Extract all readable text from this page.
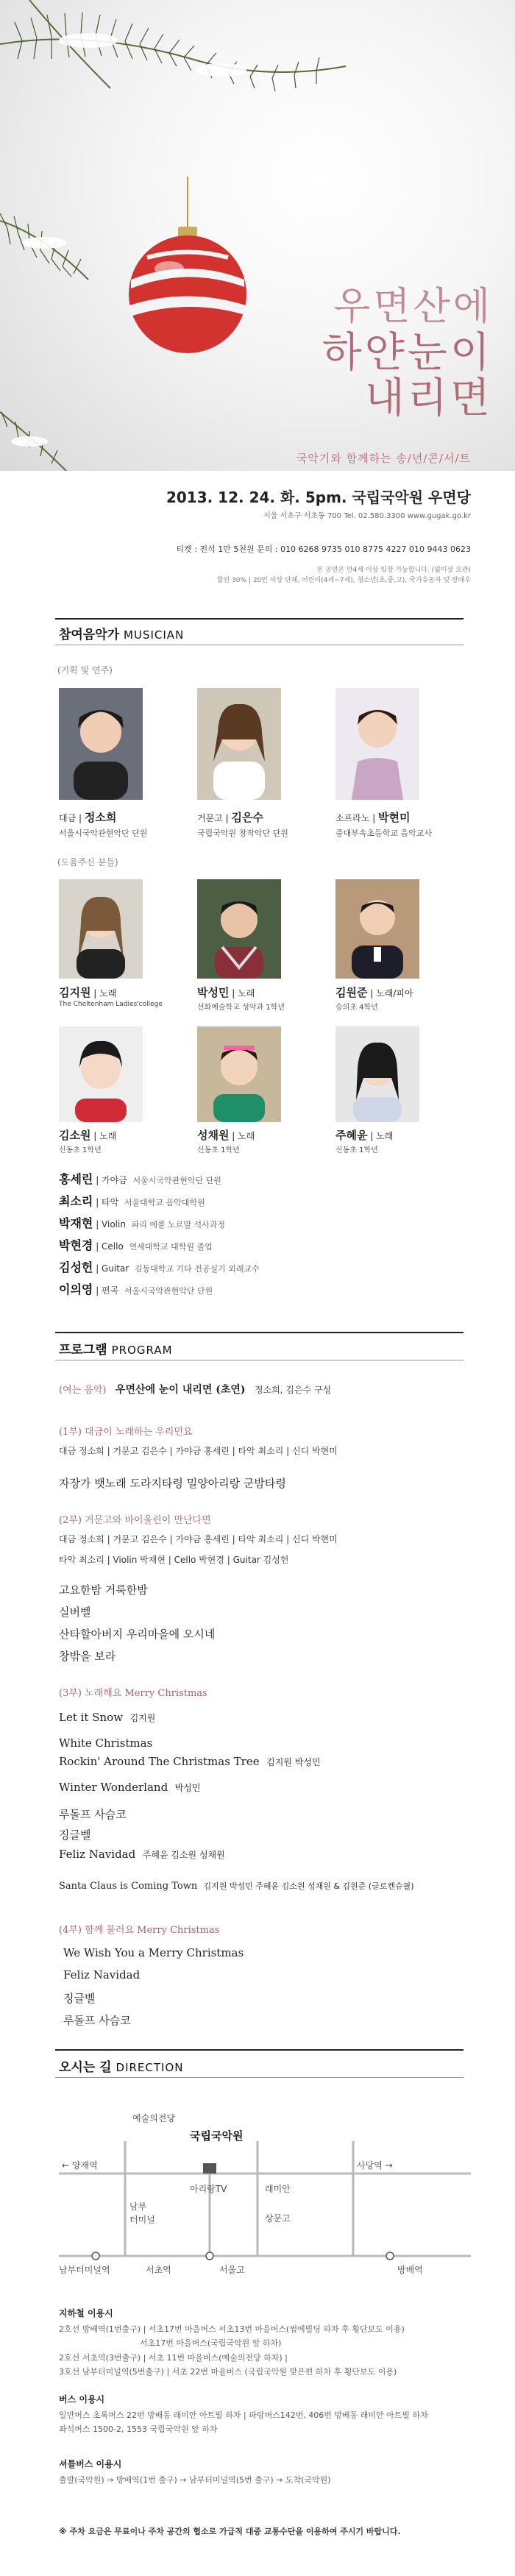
우면산에
하얀눈이
내리면
국악기와 함께하는 송/년/콘/서/트
2013. 12. 24. 화. 5pm. 국립국악원 우면당
서울 서초구 서초동 700 Tel. 02.580.3300 www.gugak.go.kr
티켓 : 전석 1만 5천원 문의 : 010 6268 9735 010 8775 4227 010 9443 0623
본 공연은 만4세 이상 입장 가능합니다. (월이상 요관)
할인 30% | 20인 이상 단체, 어린이(4세~7세), 청소년(초,중,고), 국가유공자 및 장애우
참여음악가 MUSICIAN
(기획 및 연주)
대금 | 정소희
서울시국악관현악단 단원
거문고 | 김은수
국립국악원 창작악단 단원
소프라노 | 박현미
중대부속초등학교 음악교사
(도움주신 분들)
김지원 | 노래
The Cheltenham Ladies'college
박성민 | 노래
선화예술학교 성악과 1학년
김원준 | 노래/피아
승의초 4학년
김소원 | 노래
신동초 1학년
성채원 | 노래
신동초 1학년
주혜윤 | 노래
신동초 1학년
홍세린 | 가야금 서울시국악관현악단 단원
최소리 | 타악 서울대학교 음악대학원
박재현 | Violin 파리 에콜 노르말 석사과정
박현경 | Cello 연세대학교 대학원 졸업
김성헌 | Guitar 김동대학교 기타 전공실기 외래교수
이의영 | 편곡 서울시국악관현악단 단원
프로그램 PROGRAM
(여는 음악) 우면산에 눈이 내리면 (초연) 정소희, 김은수 구성
(1부) 대금이 노래하는 우리민요
대금 정소희 | 거문고 김은수 | 가야금 홍세린 | 타악 최소리 | 신디 박현미
자장가 뱃노래 도라지타령 밀양아리랑 군밤타령
(2부) 거문고와 바이올린이 만난다면
대금 정소희 | 거문고 김은수 | 가야금 홍세린 | 타악 최소리 | 신디 박현미
타악 최소리 | Violin 박재현 | Cello 박현경 | Guitar 김성헌
고요한밤 거룩한밤
실버벨
산타할아버지 우리마을에 오시네
창밖을 보라
(3부) 노래해요 Merry Christmas
Let it Snow 김지원
White Christmas
Rockin' Around The Christmas Tree 김지원 박성민
Winter Wonderland 박성민
루돌프 사슴코
징글벨
Feliz Navidad 주혜윤 김소원 성채원
Santa Claus is Coming Town 김지원 박성민 주혜윤 김소원 성채원 & 김원준 (글로켄슈필)
(4부) 함께 불러요 Merry Christmas
We Wish You a Merry Christmas
Feliz Navidad
징글벨
루돌프 사슴코
오시는 길 DIRECTION
예술의전당
국립국악원
← 양재역	사당역 →
아리랑TV	래미안
남부
터미널	상문고
남부터미널역	서초역	서울고	방배역
지하철 이용시
2호선 방배역(1번출구) | 서초17번 마을버스 서초13번 마을버스(썸에빌딩 하차 후 횡단보도 이용)
서초17번 마을버스(국립국악원 앞 하차)
2호선 서초역(3번출구) | 서초 11번 마을버스(예술의전당 하차) |
3호선 남부터미널역(5번출구) | 서초 22번 마을버스 (국립국악원 맞은편 하차 후 횡단보도 이용)
버스 이용시
일반버스 초록버스 22번 방배동 래미안 아트빌 하차 | 파랑버스142번, 406번 방배동 래미안 아트빌 하차
좌석버스 1500-2, 1553 국립국악원 앞 하차
셔틀버스 이용시
출발(국악원) → 방배역(1번 출구) → 남부터미널역(5번 출구) → 도착(국악원)
※ 주차 요금은 무료이나 주차 공간의 협소로 가급적 대중 교통수단을 이용하여 주시기 바랍니다.
